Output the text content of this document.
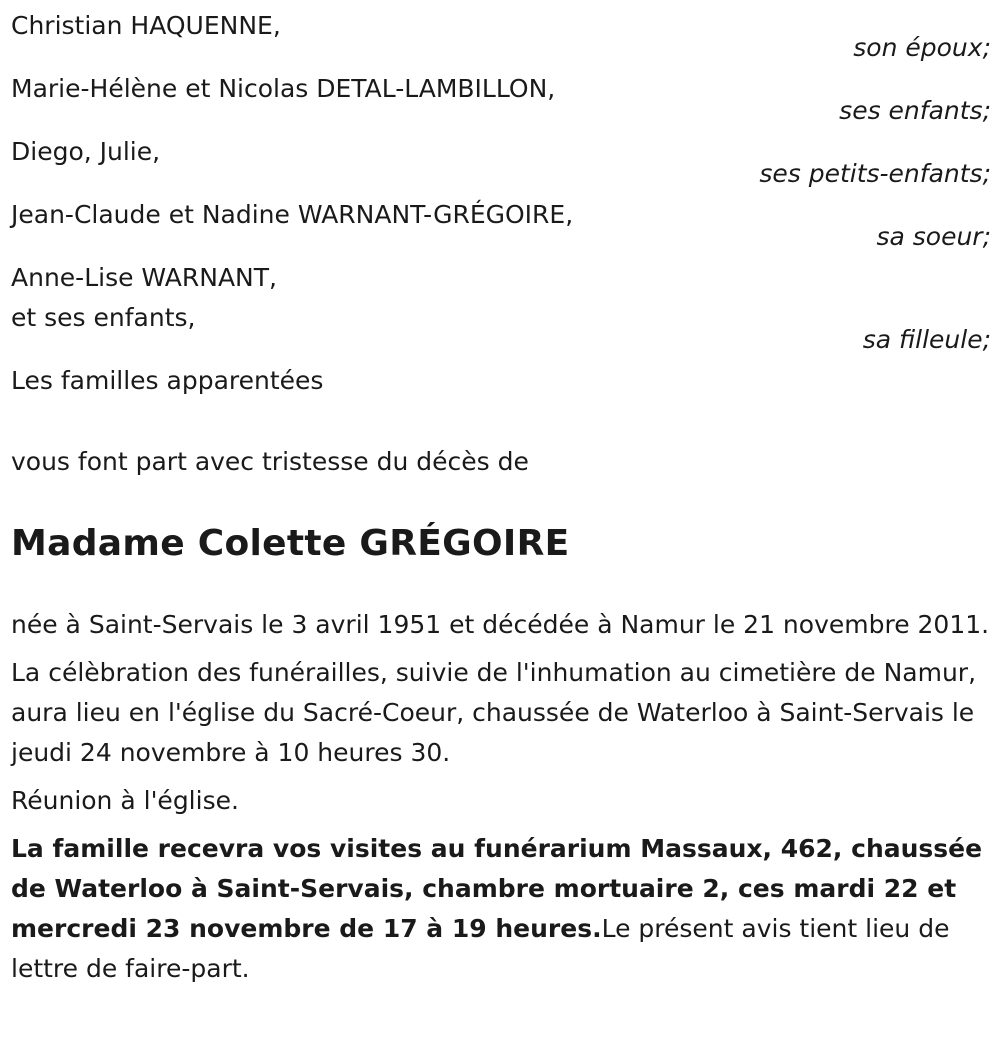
Christian HAQUENNE,
son époux;
Marie-Hélène et Nicolas DETAL-LAMBILLON,
ses enfants;
Diego, Julie,
ses petits-enfants;
Jean-Claude et Nadine WARNANT-GRÉGOIRE,
sa soeur;
Anne-Lise WARNANT,
et ses enfants,
sa filleule;
Les familles apparentées
vous font part avec tristesse du décès de
Madame Colette GRÉGOIRE
née à Saint-Servais le 3 avril 1951 et décédée à Namur le 21 novembre 2011.
La célèbration des funérailles, suivie de l'inhumation au cimetière de Namur, aura lieu en l'église du Sacré-Coeur, chaussée de Waterloo à Saint-Servais le jeudi 24 novembre à 10 heures 30.
Réunion à l'église.
La famille recevra vos visites au funérarium Massaux, 462, chaussée de Waterloo à Saint-Servais, chambre mortuaire 2, ces mardi 22 et mercredi 23 novembre de 17 à 19 heures.Le présent avis tient lieu de lettre de faire-part.
